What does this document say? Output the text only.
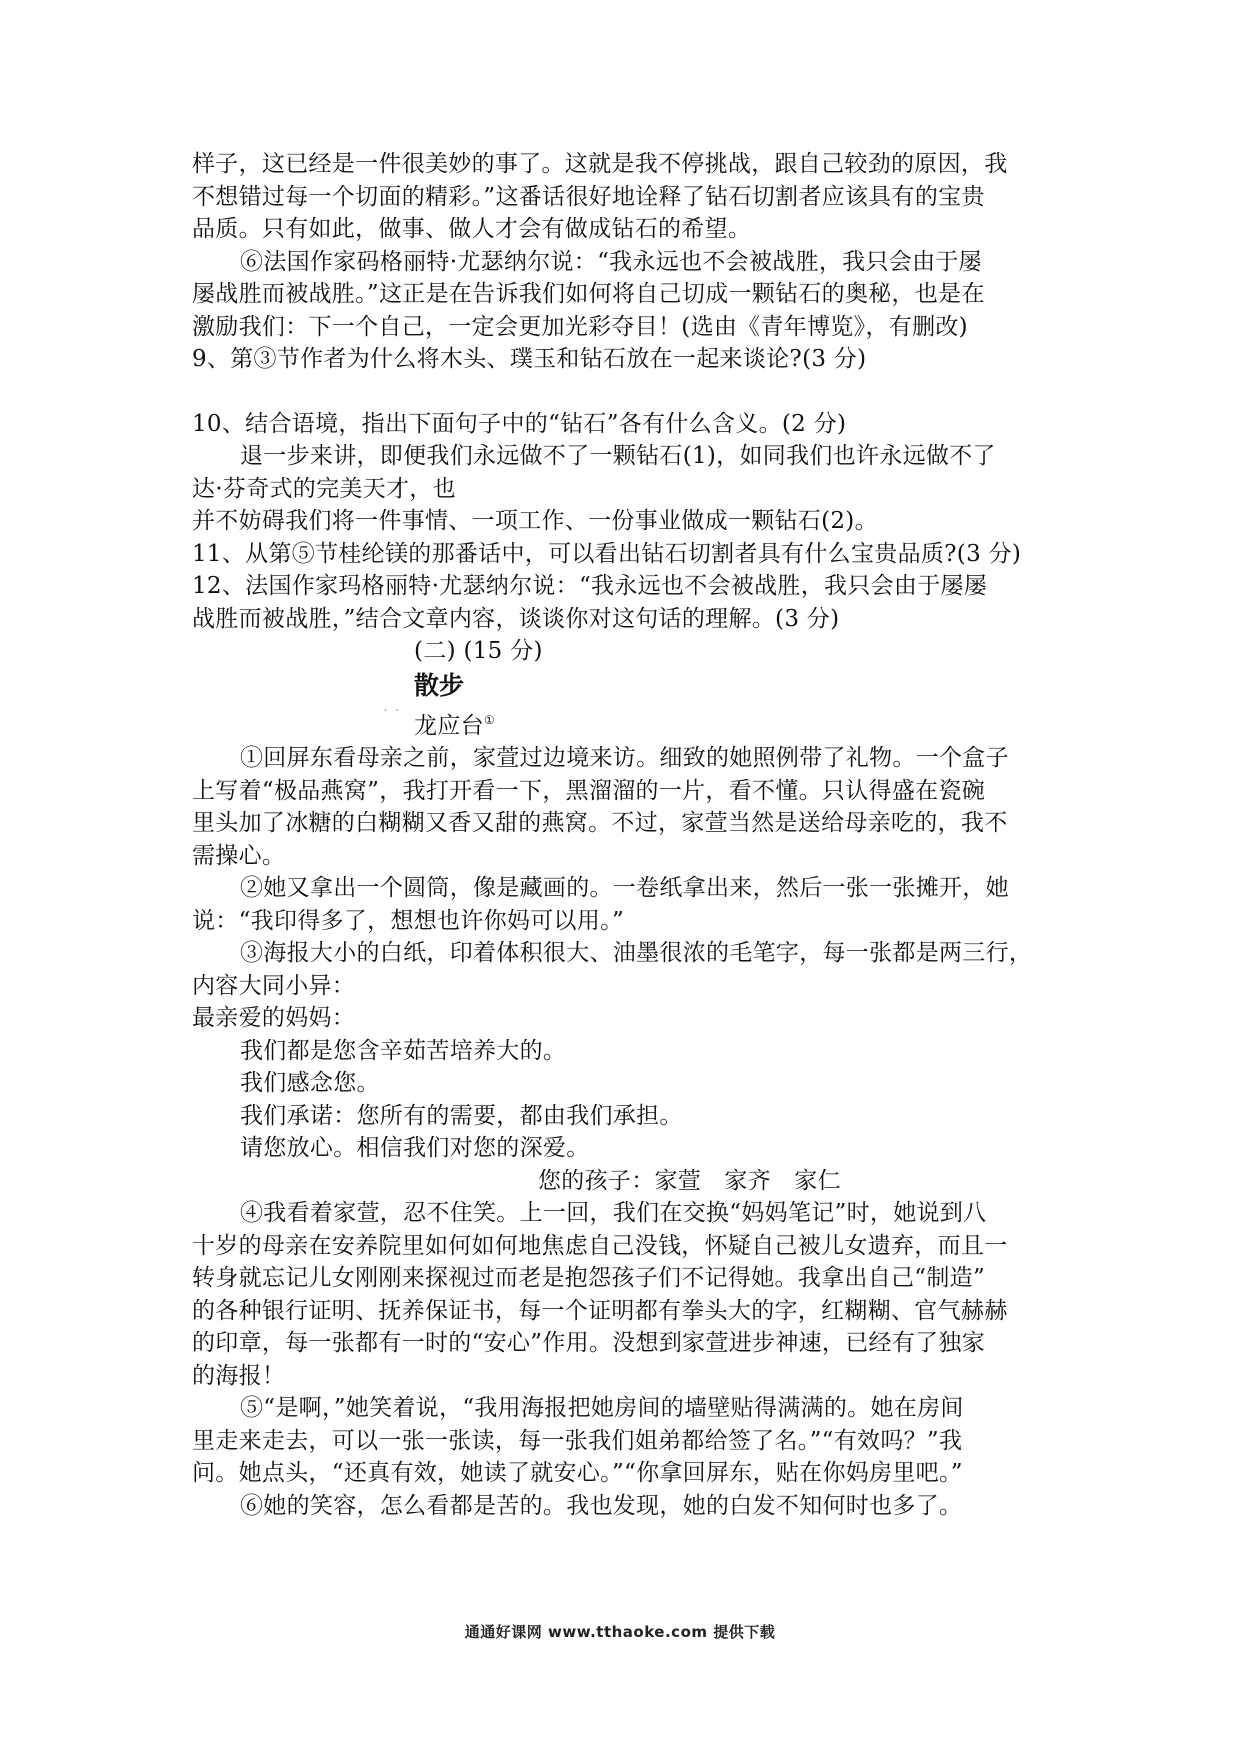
样子，这已经是一件很美妙的事了。这就是我不停挑战，跟自己较劲的原因，我
不想错过每一个切面的精彩。”这番话很好地诠释了钻石切割者应该具有的宝贵
品质。只有如此，做事、做人才会有做成钻石的希望。
⑥法国作家码格丽特·尤瑟纳尔说：“我永远也不会被战胜，我只会由于屡
屡战胜而被战胜。”这正是在告诉我们如何将自己切成一颗钻石的奥秘，也是在
激励我们：下一个自己，一定会更加光彩夺目！(选由《青年博览》，有删改)
9、第③节作者为什么将木头、璞玉和钻石放在一起来谈论?(3 分)
10、结合语境，指出下面句子中的“钻石”各有什么含义。(2 分)
退一步来讲，即便我们永远做不了一颗钻石(1)，如同我们也许永远做不了
达·芬奇式的完美天才，也
并不妨碍我们将一件事情、一项工作、一份事业做成一颗钻石(2)。
11、从第⑤节桂纶镁的那番话中，可以看出钻石切割者具有什么宝贵品质?(3 分)
12、法国作家玛格丽特·尤瑟纳尔说：“我永远也不会被战胜，我只会由于屡屡
战胜而被战胜，”结合文章内容，谈谈你对这句话的理解。(3 分)
(二) (15 分)
. .
散步
龙应台①
①回屏东看母亲之前，家萱过边境来访。细致的她照例带了礼物。一个盒子
上写着“极品燕窝”，我打开看一下，黑溜溜的一片，看不懂。只认得盛在瓷碗
里头加了冰糖的白糊糊又香又甜的燕窝。不过，家萱当然是送给母亲吃的，我不
需操心。
②她又拿出一个圆筒，像是藏画的。一卷纸拿出来，然后一张一张摊开，她
说：“我印得多了，想想也许你妈可以用。”
③海报大小的白纸，印着体积很大、油墨很浓的毛笔字，每一张都是两三行，
内容大同小异：
最亲爱的妈妈：
我们都是您含辛茹苦培养大的。
我们感念您。
我们承诺：您所有的需要，都由我们承担。
请您放心。相信我们对您的深爱。
您的孩子：家萱　家齐　家仁
④我看着家萱，忍不住笑。上一回，我们在交换“妈妈笔记”时，她说到八
十岁的母亲在安养院里如何如何地焦虑自己没钱，怀疑自己被儿女遗弃，而且一
转身就忘记儿女刚刚来探视过而老是抱怨孩子们不记得她。我拿出自己“制造”
的各种银行证明、抚养保证书，每一个证明都有拳头大的字，红糊糊、官气赫赫
的印章，每一张都有一时的“安心”作用。没想到家萱进步神速，已经有了独家
的海报！
⑤“是啊，”她笑着说，“我用海报把她房间的墙壁贴得满满的。她在房间
里走来走去，可以一张一张读，每一张我们姐弟都给签了名。”“有效吗？”我
问。她点头，“还真有效，她读了就安心。”“你拿回屏东，贴在你妈房里吧。”
⑥她的笑容，怎么看都是苦的。我也发现，她的白发不知何时也多了。
通通好课网 www.tthaoke.com 提供下载
